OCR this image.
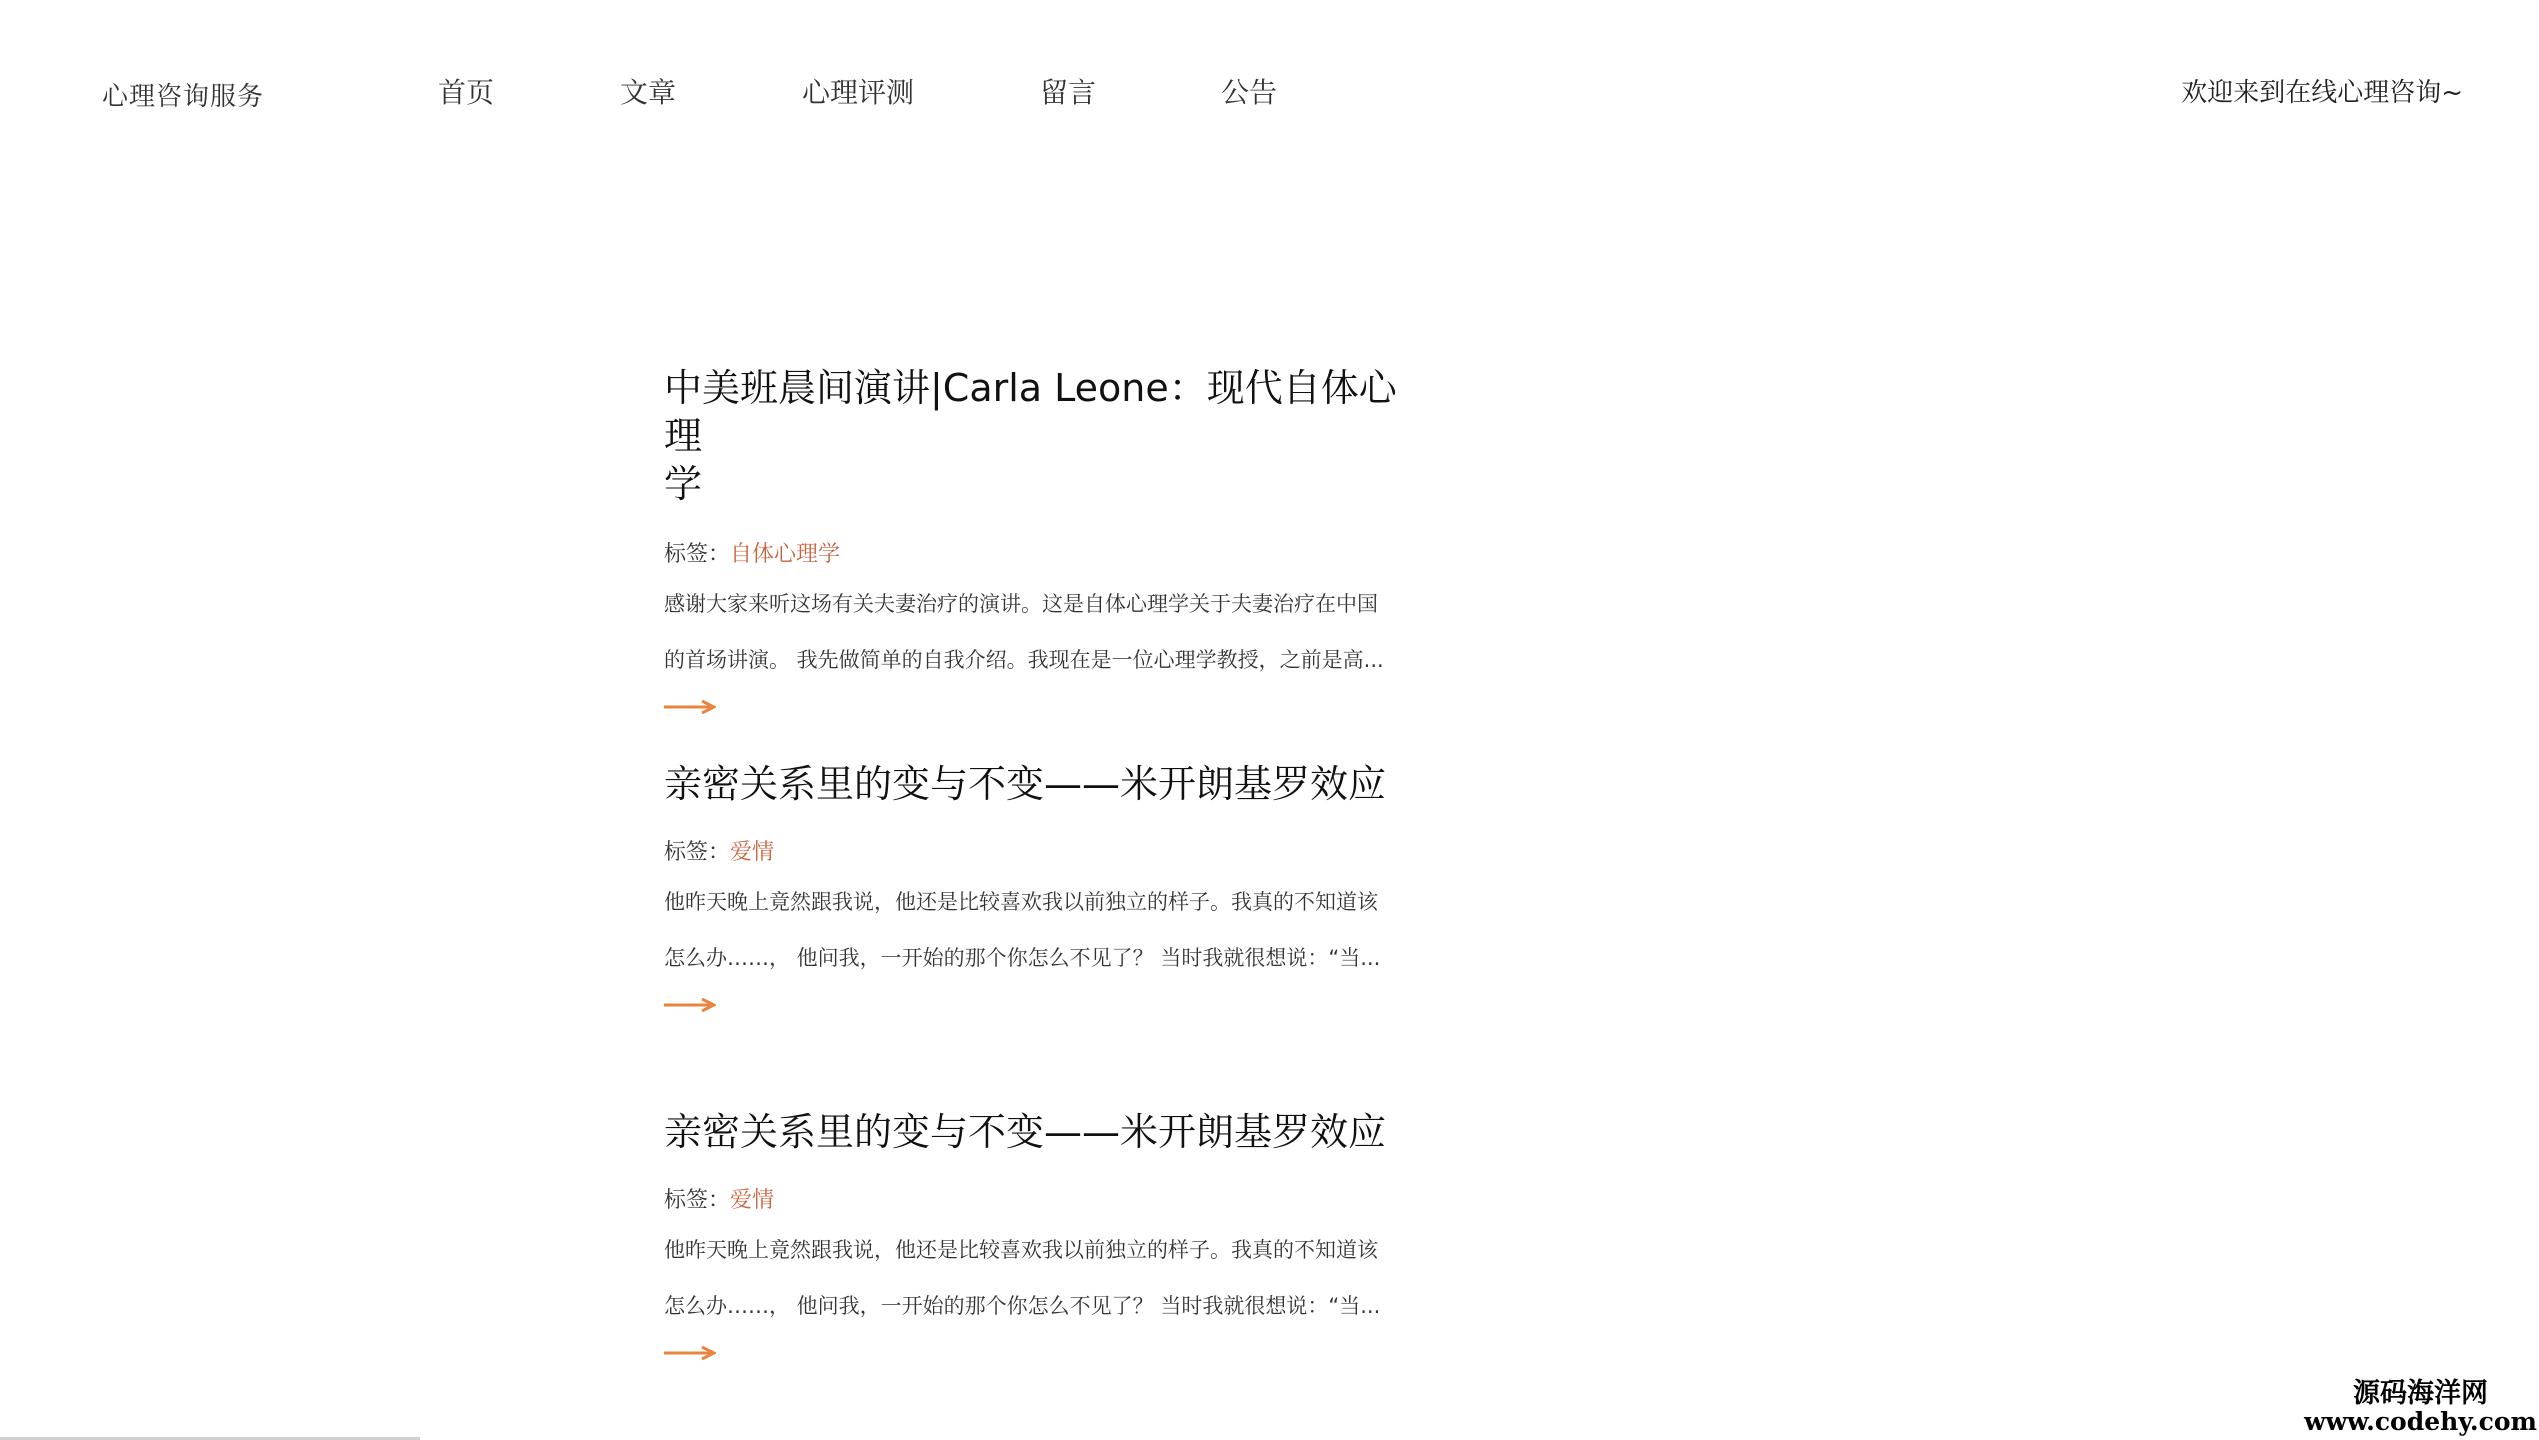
心理咨询服务	首页	文章	心理评测	留言	公告	欢迎来到在线心理咨询~
中美班晨间演讲|Carla Leone：现代自体心理
学
标签：自体心理学
感谢大家来听这场有关夫妻治疗的演讲。这是自体心理学关于夫妻治疗在中国
的首场讲演。 我先做简单的自我介绍。我现在是一位心理学教授，之前是高...
亲密关系里的变与不变——米开朗基罗效应
标签：爱情
他昨天晚上竟然跟我说，他还是比较喜欢我以前独立的样子。我真的不知道该
怎么办……， 他问我，一开始的那个你怎么不见了？ 当时我就很想说：“当...
亲密关系里的变与不变——米开朗基罗效应
标签：爱情
他昨天晚上竟然跟我说，他还是比较喜欢我以前独立的样子。我真的不知道该
怎么办……， 他问我，一开始的那个你怎么不见了？ 当时我就很想说：“当...
源码海洋网
www.codehy.com
